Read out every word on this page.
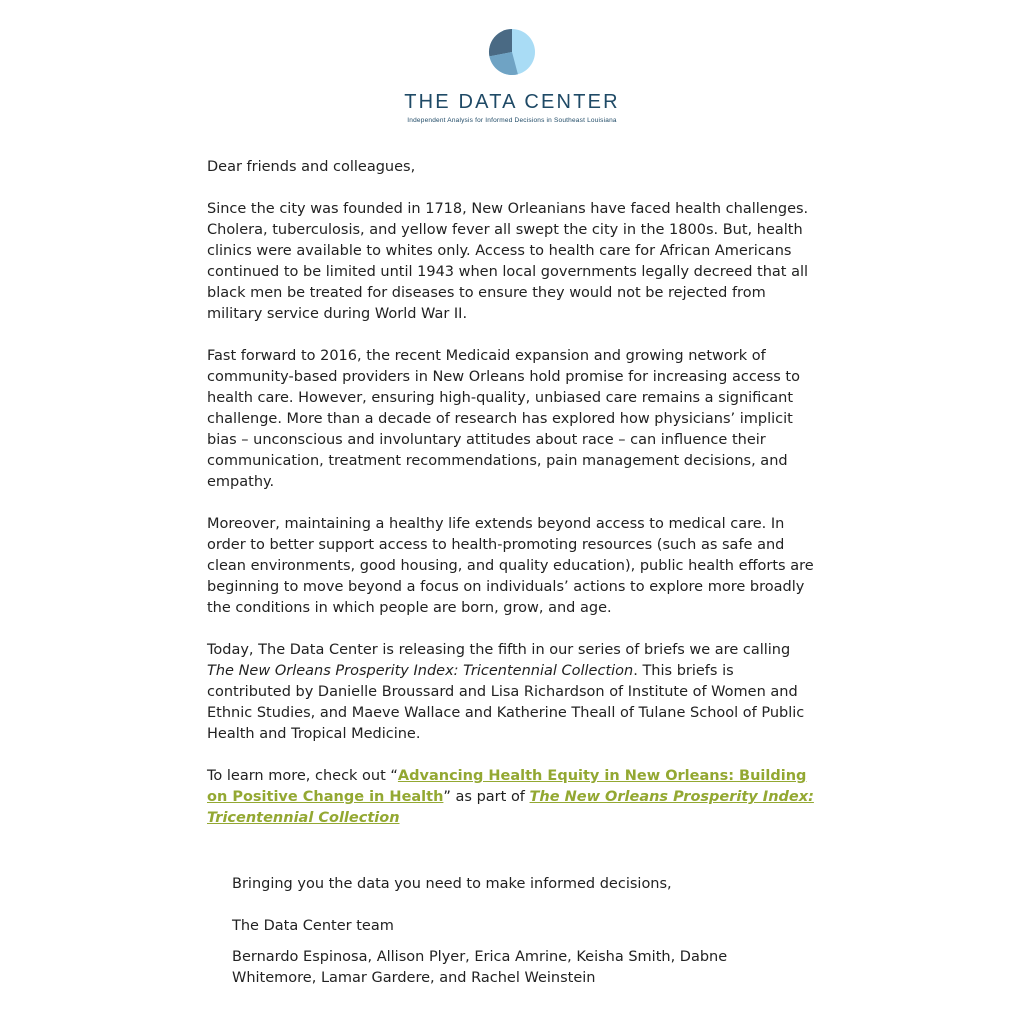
THE DATA CENTER
Independent Analysis for Informed Decisions in Southeast Louisiana

Dear friends and colleagues,

Since the city was founded in 1718, New Orleanians have faced health challenges. Cholera, tuberculosis, and yellow fever all swept the city in the 1800s. But, health clinics were available to whites only. Access to health care for African Americans continued to be limited until 1943 when local governments legally decreed that all black men be treated for diseases to ensure they would not be rejected from military service during World War II.

Fast forward to 2016, the recent Medicaid expansion and growing network of community-based providers in New Orleans hold promise for increasing access to health care. However, ensuring high-quality, unbiased care remains a significant challenge. More than a decade of research has explored how physicians’ implicit bias – unconscious and involuntary attitudes about race – can influence their communication, treatment recommendations, pain management decisions, and empathy.

Moreover, maintaining a healthy life extends beyond access to medical care. In order to better support access to health-promoting resources (such as safe and clean environments, good housing, and quality education), public health efforts are beginning to move beyond a focus on individuals’ actions to explore more broadly the conditions in which people are born, grow, and age.

Today, The Data Center is releasing the fifth in our series of briefs we are calling The New Orleans Prosperity Index: Tricentennial Collection. This briefs is contributed by Danielle Broussard and Lisa Richardson of Institute of Women and Ethnic Studies, and Maeve Wallace and Katherine Theall of Tulane School of Public Health and Tropical Medicine.

To learn more, check out “Advancing Health Equity in New Orleans: Building on Positive Change in Health” as part of The New Orleans Prosperity Index: Tricentennial Collection

Bringing you the data you need to make informed decisions,

The Data Center team

Bernardo Espinosa, Allison Plyer, Erica Amrine, Keisha Smith, Dabne Whitemore, Lamar Gardere, and Rachel Weinstein
